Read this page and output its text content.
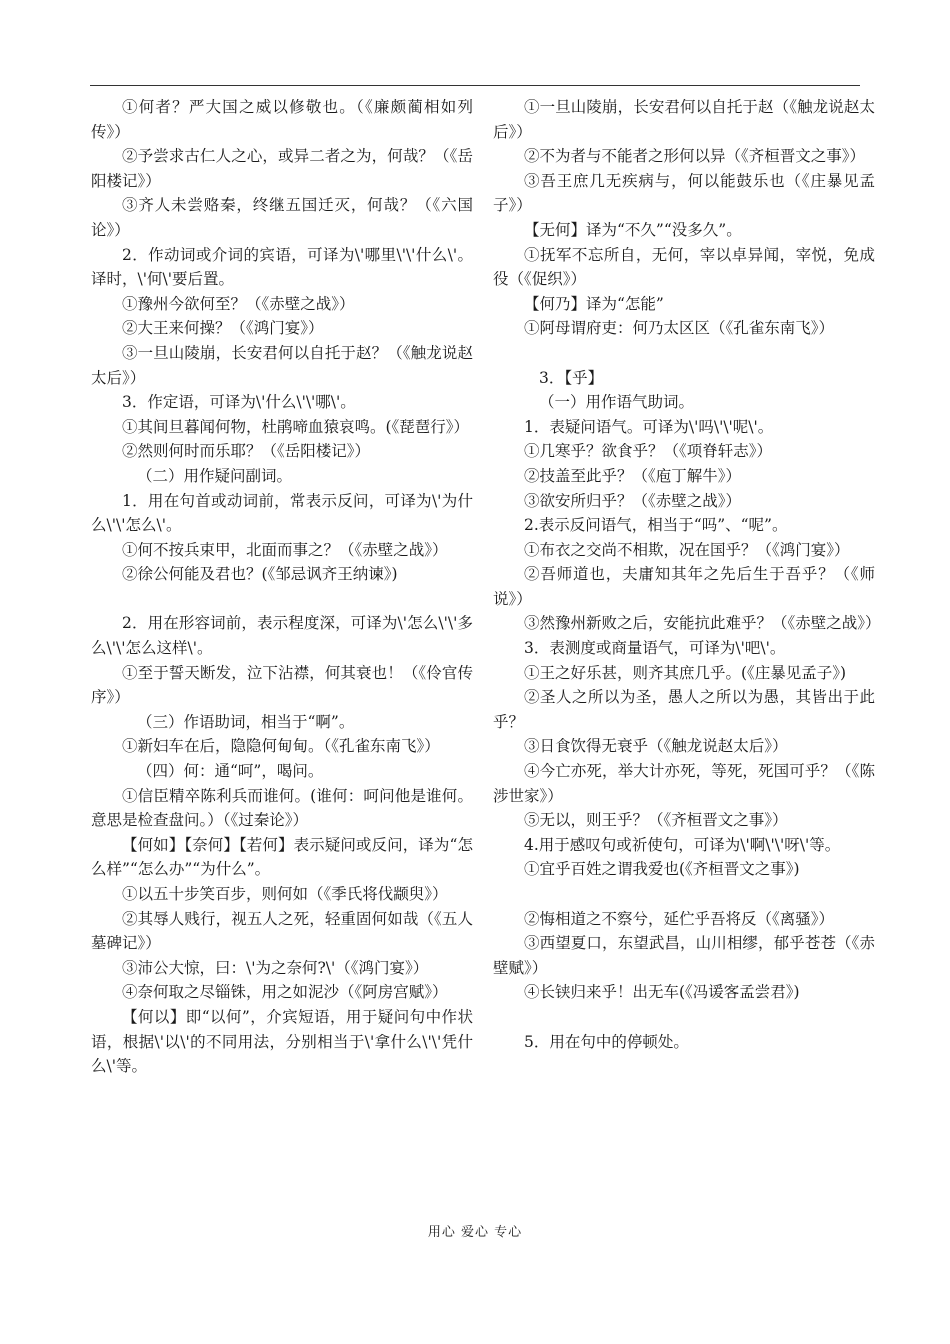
①何者？严大国之威以修敬也。（《廉颇蔺相如列传》）

②予尝求古仁人之心，或异二者之为，何哉？（《岳阳楼记》）

③齐人未尝赂秦，终继五国迁灭，何哉？（《六国论》）

2．作动词或介词的宾语，可译为\'哪里\'\'什么\'。译时，\'何\'要后置。

①豫州今欲何至？（《赤壁之战》）

②大王来何操？（《鸿门宴》）

③一旦山陵崩，长安君何以自托于赵？（《触龙说赵太后》）

3．作定语，可译为\'什么\'\'哪\'。

①其间旦暮闻何物，杜鹃啼血猿哀鸣。(《琵琶行》）

②然则何时而乐耶？（《岳阳楼记》）

（二）用作疑问副词。

1．用在句首或动词前，常表示反问，可译为\'为什么\'\'怎么\'。

①何不按兵束甲，北面而事之？（《赤壁之战》）

②徐公何能及君也？(《邹忌讽齐王纳谏》)

2．用在形容词前，表示程度深，可译为\'怎么\'\'多么\'\'怎么这样\'。

①至于誓天断发，泣下沾襟，何其衰也！（《伶官传序》）

（三）作语助词，相当于“啊”。

①新妇车在后，隐隐何甸甸。（《孔雀东南飞》）

（四）何：通“呵”，喝问。

①信臣精卒陈利兵而谁何。(谁何：呵问他是谁何。意思是检查盘问。）（《过秦论》）

【何如】【奈何】【若何】表示疑问或反问，译为“怎么样”“怎么办”“为什么”。

①以五十步笑百步，则何如（《季氏将伐颛臾》）

②其辱人贱行，视五人之死，轻重固何如哉（《五人墓碑记》）

③沛公大惊，曰：\'为之奈何?\'（《鸿门宴》）

④奈何取之尽锱铢，用之如泥沙（《阿房宫赋》）

【何以】即“以何”，介宾短语，用于疑问句中作状语，根据\'以\'的不同用法，分别相当于\'拿什么\'\'凭什么\'等。

①一旦山陵崩，长安君何以自托于赵（《触龙说赵太后》）

②不为者与不能者之形何以异（《齐桓晋文之事》）

③吾王庶几无疾病与，何以能鼓乐也（《庄暴见孟子》）

【无何】译为“不久”“没多久”。

①抚军不忘所自，无何，宰以卓异闻，宰悦，免成役（《促织》）

【何乃】译为“怎能”

①阿母谓府吏：何乃太区区（《孔雀东南飞》）

3．【乎】

（一）用作语气助词。

1．表疑问语气。可译为\'吗\'\'呢\'。

①几寒乎？欲食乎？（《项脊轩志》）

②技盖至此乎？（《庖丁解牛》）

③欲安所归乎？（《赤壁之战》）

2.表示反问语气，相当于“吗”、“呢”。

①布衣之交尚不相欺，况在国乎？（《鸿门宴》）

②吾师道也，夫庸知其年之先后生于吾乎？（《师说》）

③然豫州新败之后，安能抗此难乎？（《赤壁之战》）

3．表测度或商量语气，可译为\'吧\'。

①王之好乐甚，则齐其庶几乎。(《庄暴见孟子》)

②圣人之所以为圣，愚人之所以为愚，其皆出于此乎？

③日食饮得无衰乎（《触龙说赵太后》）

④今亡亦死，举大计亦死，等死，死国可乎？（《陈涉世家》）

⑤无以，则王乎？（《齐桓晋文之事》）

4.用于感叹句或祈使句，可译为\'啊\'\'呀\'等。

①宜乎百姓之谓我爱也(《齐桓晋文之事》)

②悔相道之不察兮，延伫乎吾将反（《离骚》）

③西望夏口，东望武昌，山川相缪，郁乎苍苍（《赤壁赋》）

④长铗归来乎！出无车(《冯谖客孟尝君》)

5．用在句中的停顿处。

用心 爱心 专心
